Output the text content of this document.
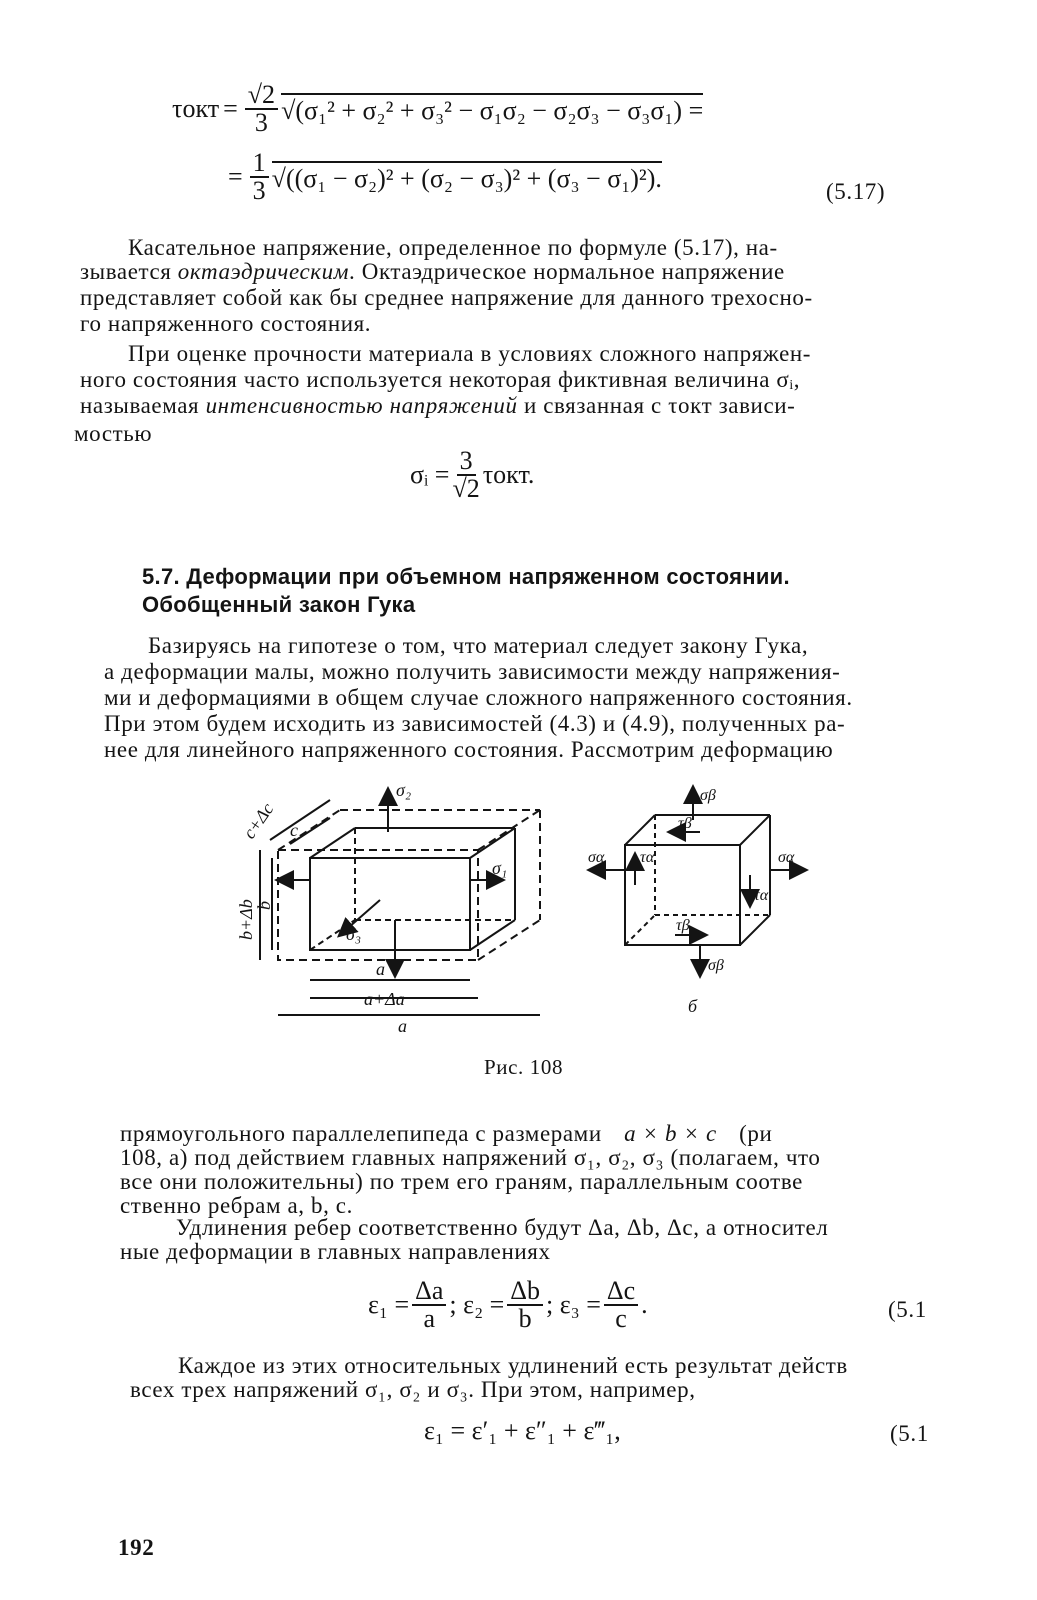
$\tau окт = \frac{√2}{3} √(\sigma_1^2 + \sigma_2^2 + \sigma_3^2 - \sigma_1\sigma_2 - \sigma_2\sigma_3 - \sigma_3\sigma_1)$ =
= $\frac{1}{3} √((\sigma_1 - \sigma_2)^2 + (\sigma_2 - \sigma_3)^2 + (\sigma_3 - \sigma_1)^2)$.	(5.17)
Касательное напряжение, определенное по формуле (5.17), на-
зывается октаэдрическим. Октаэдрическое нормальное напряжение
представляет собой как бы среднее напряжение для данного трехосно-
го напряженного состояния.
При оценке прочности материала в условиях сложного напряжен-
ного состояния часто используется некоторая фиктивная величина σᵢ,
называемая интенсивностью напряжений и связанная с τокт зависи-
мостью
σᵢ = $\frac{3}{√2} \tau окт$.
5.7. Деформации при объемном напряженном состоянии.
Обобщенный закон Гука
Базируясь на гипотезе о том, что материал следует закону Гука,
а деформации малы, можно получить зависимости между напряжения-
ми и деформациями в общем случае сложного напряженного состояния.
При этом будем исходить из зависимостей (4.3) и (4.9), полученных ра-
нее для линейного напряженного состояния. Рассмотрим деформацию
c+Δc c
b+Δb
b
σ₂
σ₁
σ₃
a
a+Δa
а
σβ
τβ
σα τα	σα
τα
τβ
σβ
б
Рис. 108
прямоугольного параллелепипеда с размерами a × b × c (ри
108, а) под действием главных напряжений σ₁, σ₂, σ₃ (полагаем, что
все они положительны) по трем его граням, параллельным соотве
ственно ребрам a, b, c.
Удлинения ребер соответственно будут Δa, Δb, Δc, а относител
ные деформации в главных направлениях
$\varepsilon_1 = \frac{\Delta a}{a}$ ; $\varepsilon_2 = \frac{\Delta b}{b}$ ; $\varepsilon_3 = \frac{\Delta c}{c}$ .	(5.1
Каждое из этих относительных удлинений есть результат действ
всех трех напряжений σ₁, σ₂ и σ₃. При этом, например,
ε₁ = ε′₁ + ε″₁ + ε‴₁,	(5.1
192
